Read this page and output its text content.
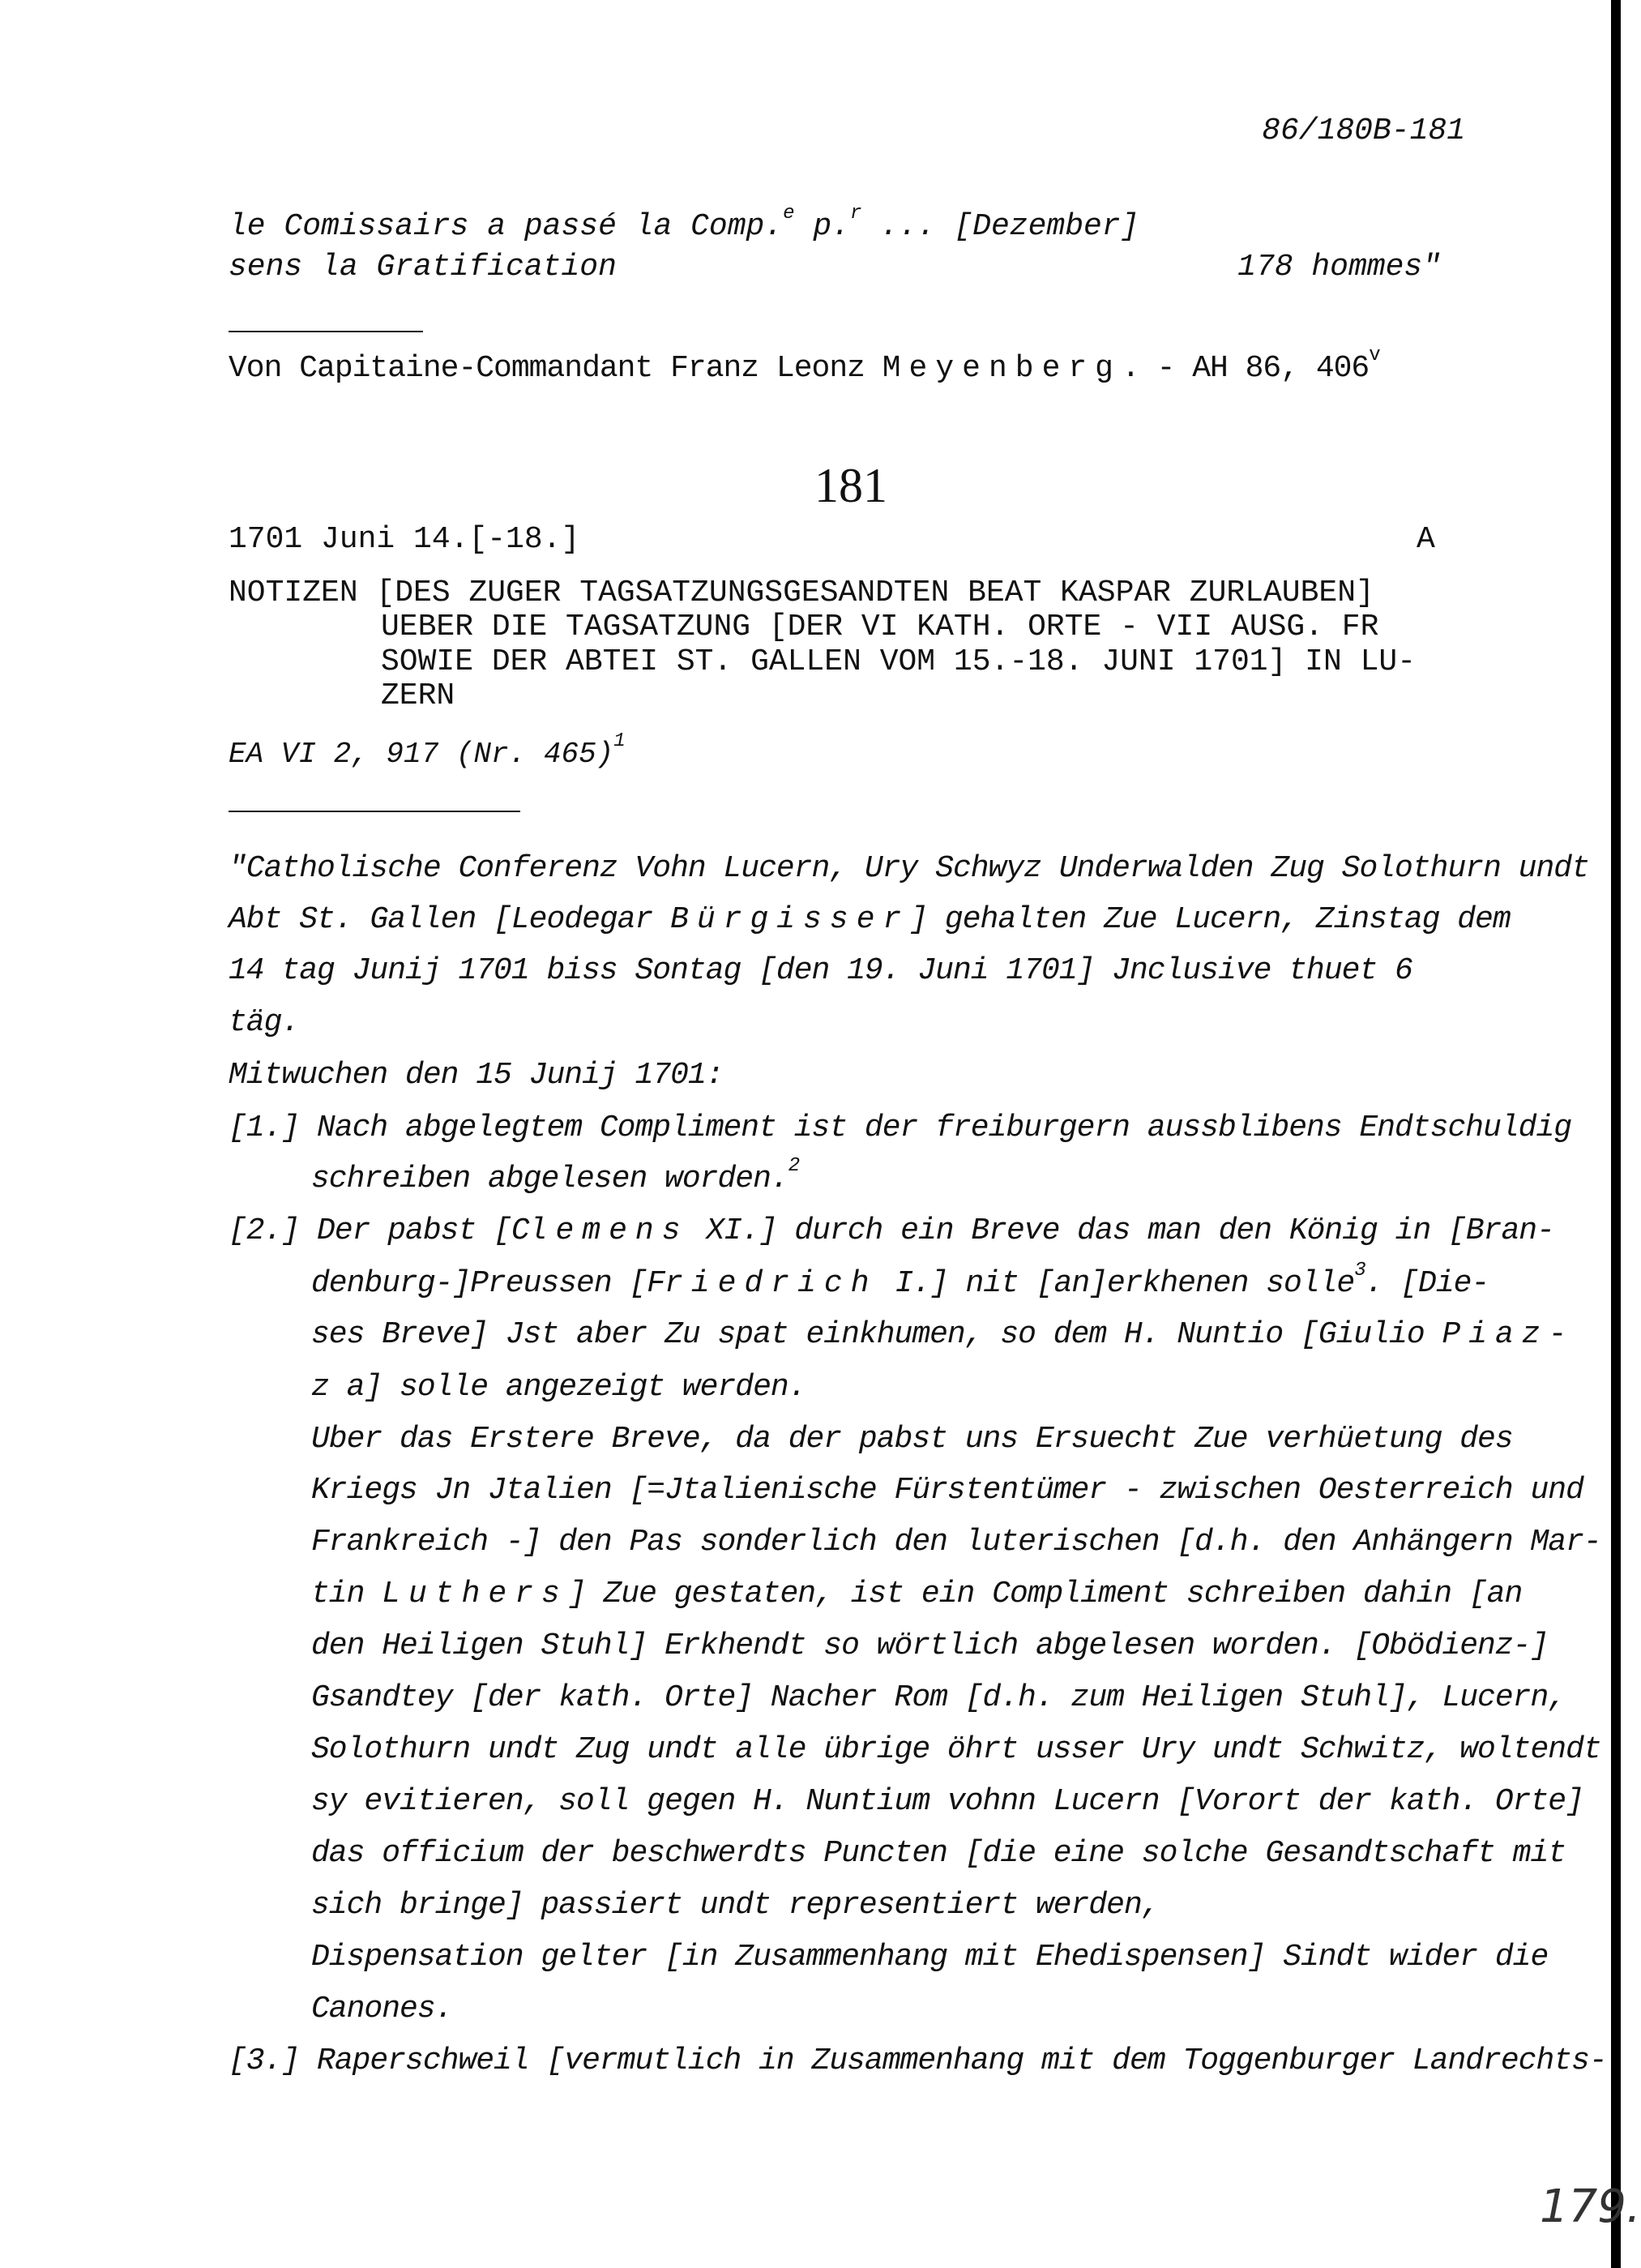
86/180B-181
le Comissairs a passé la Comp.$^e$ p.$^r$ ... [Dezember]
sens la Gratification	178 hommes"
Von Capitaine-Commandant Franz Leonz Meyenberg. - AH 86, 406$^v$
181
1701 Juni 14.[-18.]	A
NOTIZEN [DES ZUGER TAGSATZUNGSGESANDTEN BEAT KASPAR ZURLAUBEN]
UEBER DIE TAGSATZUNG [DER VI KATH. ORTE - VII AUSG. FR
SOWIE DER ABTEI ST. GALLEN VOM 15.-18. JUNI 1701] IN LU-
ZERN
EA VI 2, 917 (Nr. 465)$^1$
"Catholische Conferenz Vohn Lucern, Ury Schwyz Underwalden Zug Solothurn undt
Abt St. Gallen [Leodegar Bürgisser] gehalten Zue Lucern, Zinstag dem
14 tag Junij 1701 biss Sontag [den 19. Juni 1701] Jnclusive thuet 6
täg.
Mitwuchen den 15 Junij 1701:
[1.] Nach abgelegtem Compliment ist der freiburgern aussblibens Endtschuldig
schreiben abgelesen worden.$^2$
[2.] Der pabst [Clemens XI.] durch ein Breve das man den König in [Bran-
denburg-]Preussen [Friedrich I.] nit [an]erkhenen solle$^3$. [Die-
ses Breve] Jst aber Zu spat einkhumen, so dem H. Nuntio [Giulio Piaz-
z a] solle angezeigt werden.
Uber das Erstere Breve, da der pabst uns Ersuecht Zue verhüetung des
Kriegs Jn Jtalien [=Jtalienische Fürstentümer - zwischen Oesterreich und
Frankreich -] den Pas sonderlich den luterischen [d.h. den Anhängern Mar-
tin Luthers] Zue gestaten, ist ein Compliment schreiben dahin [an
den Heiligen Stuhl] Erkhendt so wörtlich abgelesen worden. [Obödienz-]
Gsandtey [der kath. Orte] Nacher Rom [d.h. zum Heiligen Stuhl], Lucern,
Solothurn undt Zug undt alle übrige öhrt usser Ury undt Schwitz, woltendt
sy evitieren, soll gegen H. Nuntium vohnn Lucern [Vorort der kath. Orte]
das officium der beschwerdts Puncten [die eine solche Gesandtschaft mit
sich bringe] passiert undt representiert werden,
Dispensation gelter [in Zusammenhang mit Ehedispensen] Sindt wider die
Canones.
[3.] Raperschweil [vermutlich in Zusammenhang mit dem Toggenburger Landrechts-
179.
